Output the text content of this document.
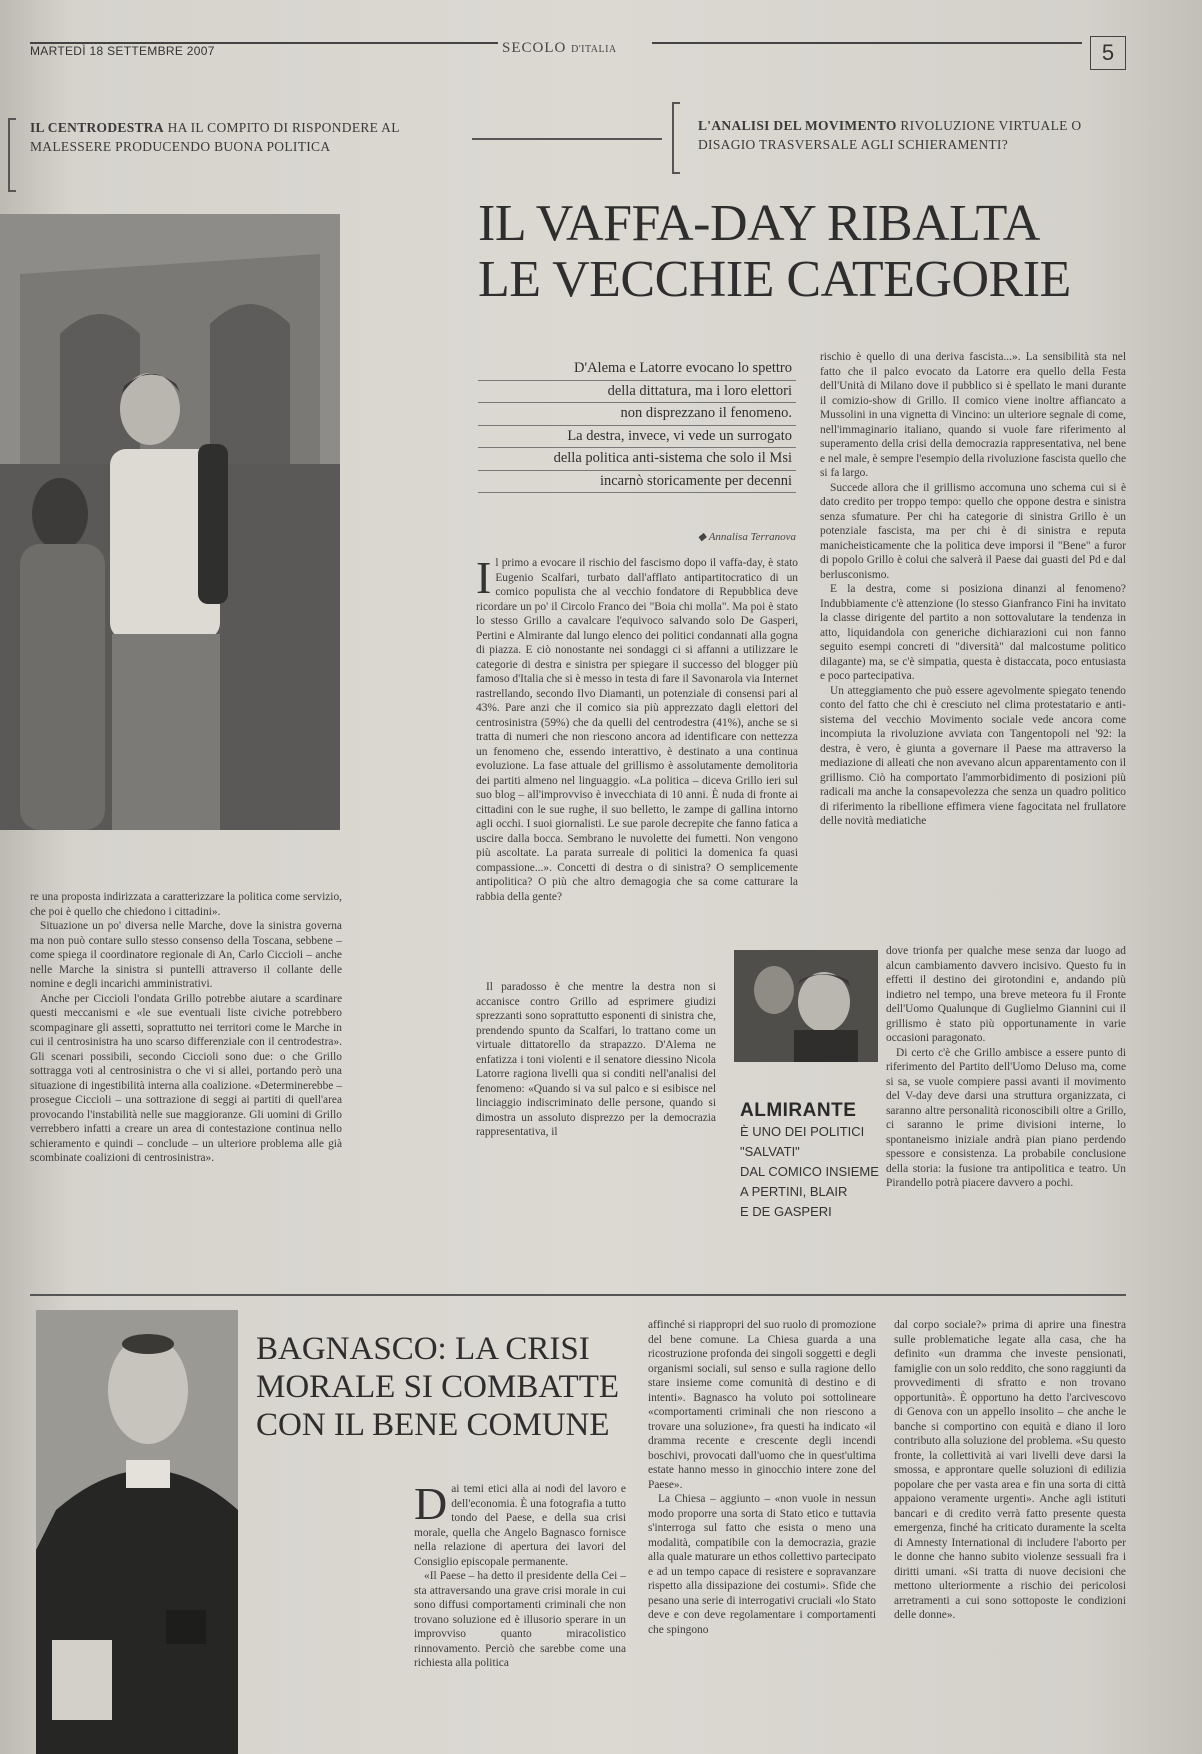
MARTEDÌ 18 SETTEMBRE 2007	SECOLO D'ITALIA	5
IL CENTRODESTRA HA IL COMPITO DI RISPONDERE AL MALESSERE PRODUCENDO BUONA POLITICA
L'ANALISI DEL MOVIMENTO RIVOLUZIONE VIRTUALE O DISAGIO TRASVERSALE AGLI SCHIERAMENTI?
IL VAFFA-DAY RIBALTA
LE VECCHIE CATEGORIE
D'Alema e Latorre evocano lo spettro
della dittatura, ma i loro elettori
non disprezzano il fenomeno.
La destra, invece, vi vede un surrogato
della politica anti-sistema che solo il Msi
incarnò storicamente per decenni
◆ Annalisa Terranova

Il primo a evocare il rischio del fascismo dopo il vaffa-day, è stato Eugenio Scalfari, turbato dall'afflato antipartitocratico di un comico populista che al vecchio fondatore di Repubblica deve ricordare un po' il Circolo Franco dei "Boia chi molla". Ma poi è stato lo stesso Grillo a cavalcare l'equivoco salvando solo De Gasperi, Pertini e Almirante dal lungo elenco dei politici condannati alla gogna di piazza. E ciò nonostante nei sondaggi ci si affanni a utilizzare le categorie di destra e sinistra per spiegare il successo del blogger più famoso d'Italia che si è messo in testa di fare il Savonarola via Internet rastrellando, secondo Ilvo Diamanti, un potenziale di consensi pari al 43%. Pare anzi che il comico sia più apprezzato dagli elettori del centrosinistra (59%) che da quelli del centrodestra (41%), anche se si tratta di numeri che non riescono ancora ad identificare con nettezza un fenomeno che, essendo interattivo, è destinato a una continua evoluzione. La fase attuale del grillismo è assolutamente demolitoria dei partiti almeno nel linguaggio. «La politica – diceva Grillo ieri sul suo blog – all'improvviso è invecchiata di 10 anni. È nuda di fronte ai cittadini con le sue rughe, il suo belletto, le zampe di gallina intorno agli occhi. I suoi giornalisti. Le sue parole decrepite che fanno fatica a uscire dalla bocca. Sembrano le nuvolette dei fumetti. Non vengono più ascoltate. La parata surreale di politici la domenica fa quasi compassione...». Concetti di destra o di sinistra? O semplicemente antipolitica? O più che altro demagogia che sa come catturare la rabbia della gente?

Il paradosso è che mentre la destra non si accanisce contro Grillo ad esprimere giudizi sprezzanti sono soprattutto esponenti di sinistra che, prendendo spunto da Scalfari, lo trattano come un virtuale dittatorello da strapazzo. D'Alema ne enfatizza i toni violenti e il senatore diessino Nicola Latorre ragiona livelli qua si conditi nell'analisi del fenomeno: «Quando si va sul palco e si esibisce nel linciaggio indiscriminato delle persone, quando si dimostra un assoluto disprezzo per la democrazia rappresentativa, il

rischio è quello di una deriva fascista...». La sensibilità sta nel fatto che il palco evocato da Latorre era quello della Festa dell'Unità di Milano dove il pubblico si è spellato le mani durante il comizio-show di Grillo. Il comico viene inoltre affiancato a Mussolini in una vignetta di Vincino: un ulteriore segnale di come, nell'immaginario italiano, quando si vuole fare riferimento al superamento della crisi della democrazia rappresentativa, nel bene e nel male, è sempre l'esempio della rivoluzione fascista quello che si fa largo.

Succede allora che il grillismo accomuna uno schema cui si è dato credito per troppo tempo: quello che oppone destra e sinistra senza sfumature. Per chi ha categorie di sinistra Grillo è un potenziale fascista, ma per chi è di sinistra e reputa manicheisticamente che la politica deve imporsi il "Bene" a furor di popolo Grillo è colui che salverà il Paese dai guasti del Pd e dal berlusconismo.

E la destra, come si posiziona dinanzi al fenomeno? Indubbiamente c'è attenzione (lo stesso Gianfranco Fini ha invitato la classe dirigente del partito a non sottovalutare la tendenza in atto, liquidandola con generiche dichiarazioni cui non fanno seguito esempi concreti di "diversità" dal malcostume politico dilagante) ma, se c'è simpatia, questa è distaccata, poco entusiasta e poco partecipativa.

Un atteggiamento che può essere agevolmente spiegato tenendo conto del fatto che chi è cresciuto nel clima protestatario e anti-sistema del vecchio Movimento sociale vede ancora come incompiuta la rivoluzione avviata con Tangentopoli nel '92: la destra, è vero, è giunta a governare il Paese ma attraverso la mediazione di alleati che non avevano alcun apparentamento con il grillismo. Ciò ha comportato l'ammorbidimento di posizioni più radicali ma anche la consapevolezza che senza un quadro politico di riferimento la ribellione effimera viene fagocitata nel frullatore delle novità mediatiche

dove trionfa per qualche mese senza dar luogo ad alcun cambiamento davvero incisivo. Questo fu in effetti il destino dei girotondini e, andando più indietro nel tempo, una breve meteora fu il Fronte dell'Uomo Qualunque di Guglielmo Giannini cui il grillismo è stato più opportunamente in varie occasioni paragonato.

Di certo c'è che Grillo ambisce a essere punto di riferimento del Partito dell'Uomo Deluso ma, come si sa, se vuole compiere passi avanti il movimento del V-day deve darsi una struttura organizzata, ci saranno altre personalità riconoscibili oltre a Grillo, ci saranno le prime divisioni interne, lo spontaneismo iniziale andrà pian piano perdendo spessore e consistenza. La probabile conclusione della storia: la fusione tra antipolitica e teatro. Un Pirandello potrà piacere davvero a pochi.

ALMIRANTE
È UNO DEI POLITICI
"SALVATI"
DAL COMICO INSIEME
A PERTINI, BLAIR
E DE GASPERI

re una proposta indirizzata a caratterizzare la politica come servizio, che poi è quello che chiedono i cittadini».

Situazione un po' diversa nelle Marche, dove la sinistra governa ma non può contare sullo stesso consenso della Toscana, sebbene – come spiega il coordinatore regionale di An, Carlo Ciccioli – anche nelle Marche la sinistra si puntelli attraverso il collante delle nomine e degli incarichi amministrativi.

Anche per Ciccioli l'ondata Grillo potrebbe aiutare a scardinare questi meccanismi e «le sue eventuali liste civiche potrebbero scompaginare gli assetti, soprattutto nei territori come le Marche in cui il centrosinistra ha uno scarso differenziale con il centrodestra». Gli scenari possibili, secondo Ciccioli sono due: o che Grillo sottragga voti al centrosinistra o che vi si allei, portando però una situazione di ingestibilità interna alla coalizione. «Determinerebbe – prosegue Ciccioli – una sottrazione di seggi ai partiti di quell'area provocando l'instabilità nelle sue maggioranze. Gli uomini di Grillo verrebbero infatti a creare un area di contestazione continua nello schieramento e quindi – conclude – un ulteriore problema alle già scombinate coalizioni di centrosinistra».

BAGNASCO: LA CRISI
MORALE SI COMBATTE
CON IL BENE COMUNE

Dai temi etici alla ai nodi del lavoro e dell'economia. È una fotografia a tutto tondo del Paese, e della sua crisi morale, quella che Angelo Bagnasco fornisce nella relazione di apertura dei lavori del Consiglio episcopale permanente.

«Il Paese – ha detto il presidente della Cei – sta attraversando una grave crisi morale in cui sono diffusi comportamenti criminali che non trovano soluzione ed è illusorio sperare in un improvviso quanto miracolistico rinnovamento. Perciò che sarebbe come una richiesta alla politica

affinché si riappropri del suo ruolo di promozione del bene comune. La Chiesa guarda a una ricostruzione profonda dei singoli soggetti e degli organismi sociali, sul senso e sulla ragione dello stare insieme come comunità di destino e di intenti». Bagnasco ha voluto poi sottolineare «comportamenti criminali che non riescono a trovare una soluzione», fra questi ha indicato «il dramma recente e crescente degli incendi boschivi, provocati dall'uomo che in quest'ultima estate hanno messo in ginocchio intere zone del Paese».

La Chiesa – aggiunto – «non vuole in nessun modo proporre una sorta di Stato etico e tuttavia s'interroga sul fatto che esista o meno una modalità, compatibile con la democrazia, grazie alla quale maturare un ethos collettivo partecipato e ad un tempo capace di resistere e sopravanzare rispetto alla dissipazione dei costumi». Sfide che pesano una serie di interrogativi cruciali «lo Stato deve e con deve regolamentare i comportamenti che spingono

dal corpo sociale?» prima di aprire una finestra sulle problematiche legate alla casa, che ha definito «un dramma che investe pensionati, famiglie con un solo reddito, che sono raggiunti da provvedimenti di sfratto e non trovano opportunità». È opportuno ha detto l'arcivescovo di Genova con un appello insolito – che anche le banche si comportino con equità e diano il loro contributo alla soluzione del problema. «Su questo fronte, la collettività ai vari livelli deve darsi la smossa, e approntare quelle soluzioni di edilizia popolare che per vasta area e fin una sorta di città appaiono veramente urgenti». Anche agli istituti bancari e di credito verrà fatto presente questa emergenza, finché ha criticato duramente la scelta di Amnesty International di includere l'aborto per le donne che hanno subito violenze sessuali fra i diritti umani. «Si tratta di nuove decisioni che mettono ulteriormente a rischio dei pericolosi arretramenti a cui sono sottoposte le condizioni delle donne».
